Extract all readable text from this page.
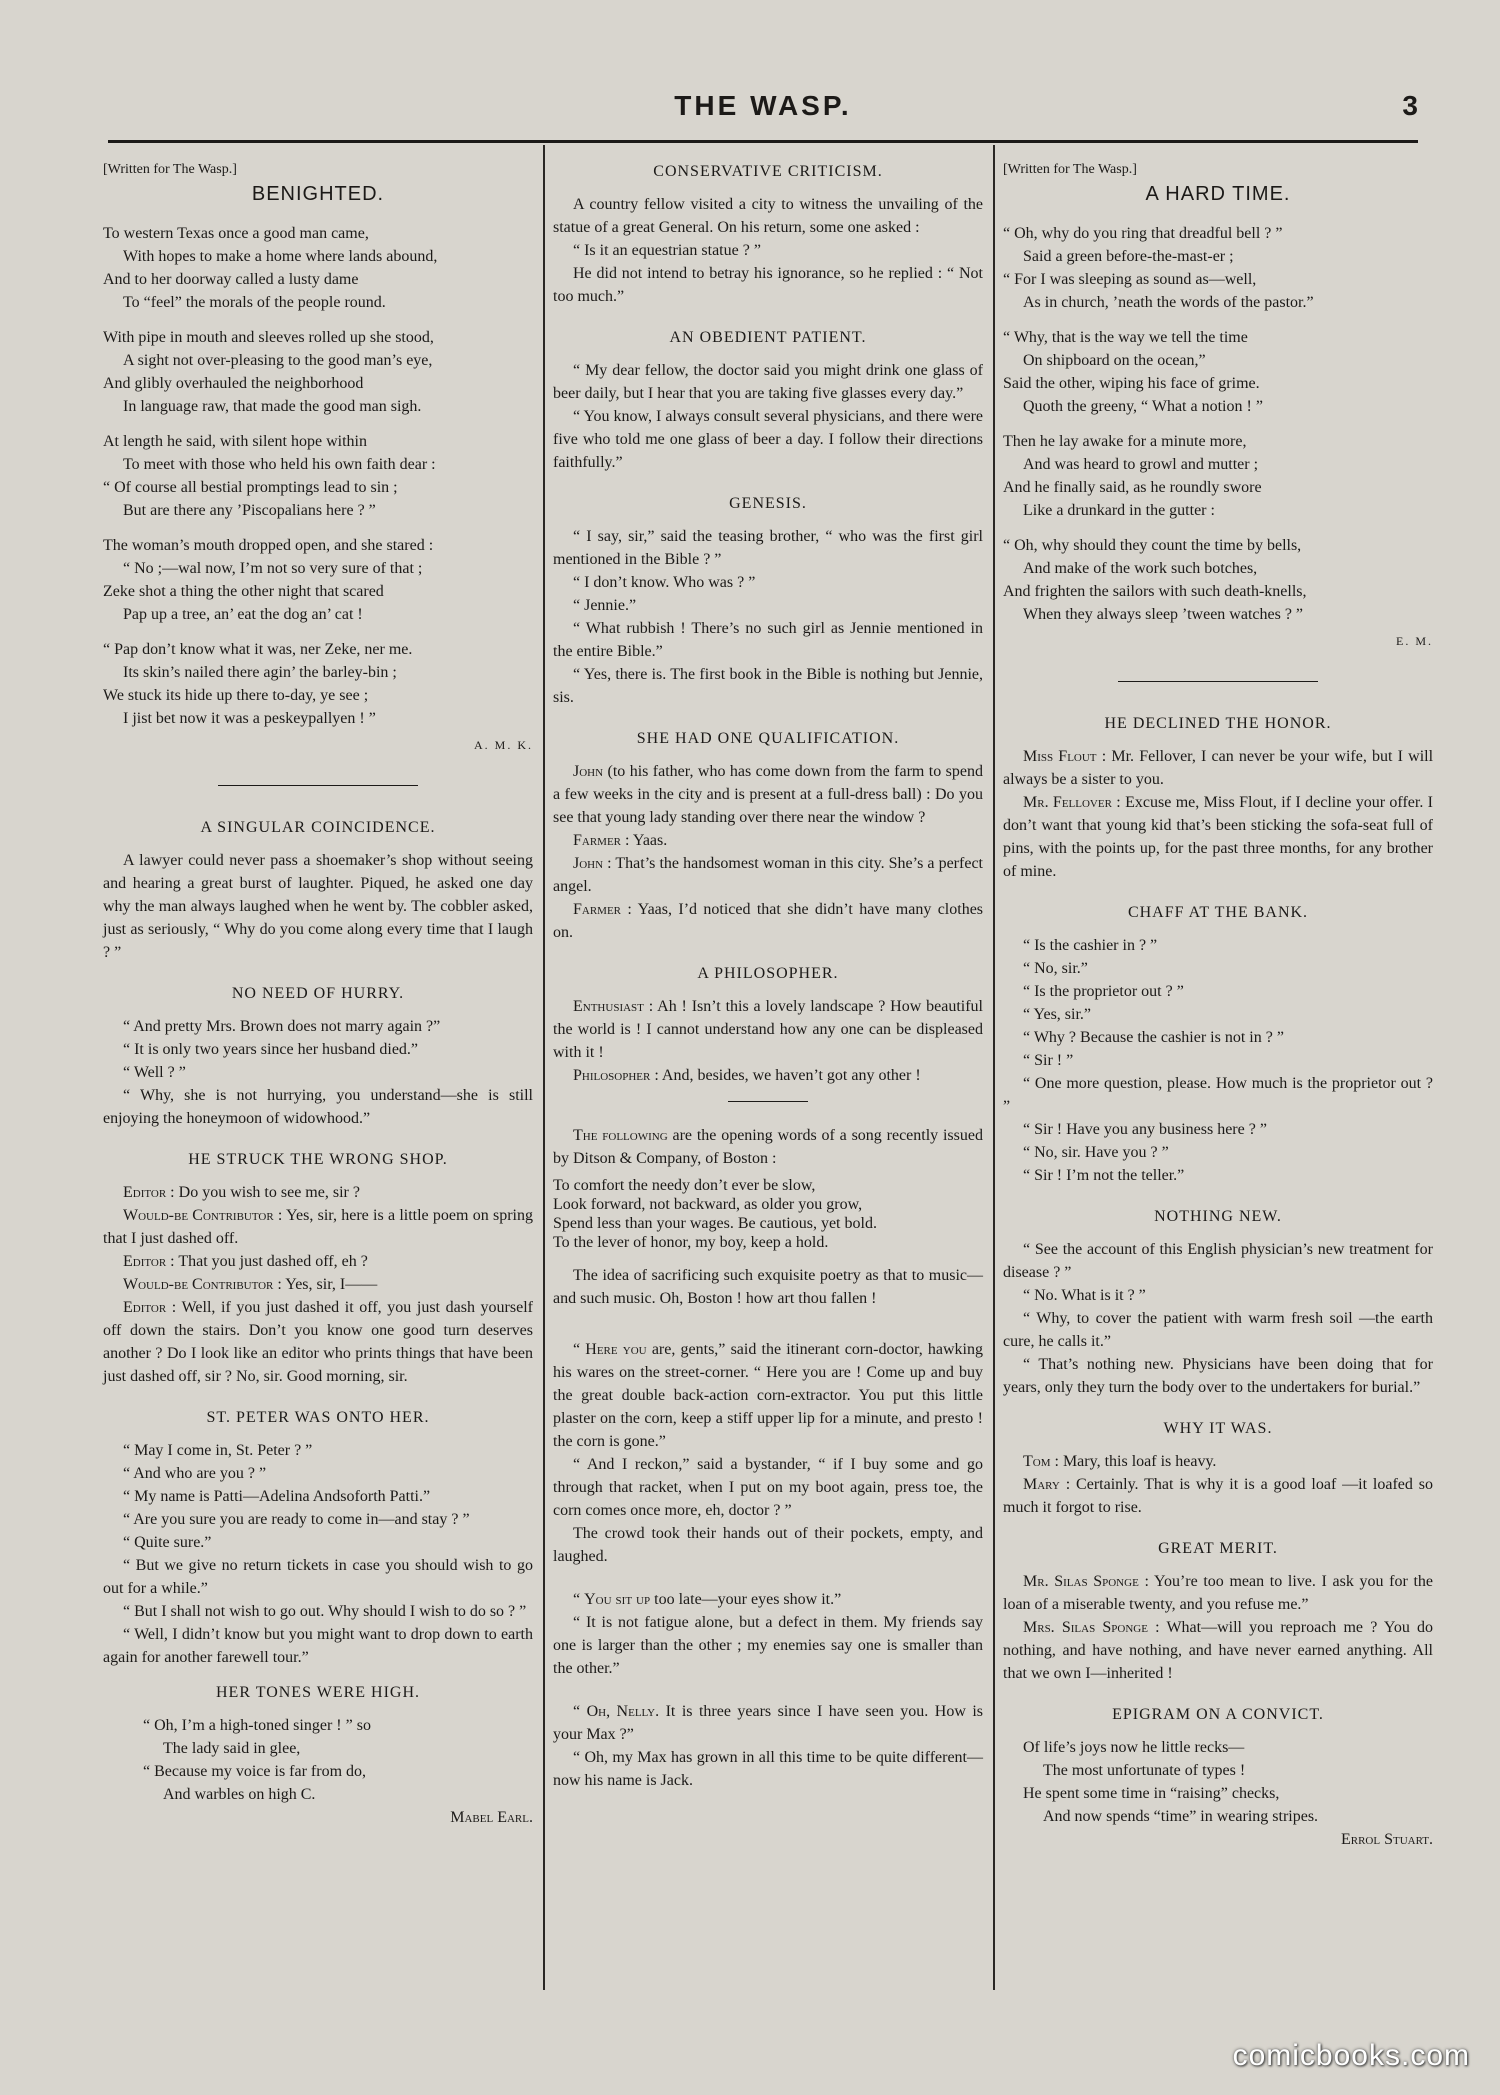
THE WASP.	3

[Written for The Wasp.]

BENIGHTED.
To western Texas once a good man came,
With hopes to make a home where lands abound,
And to her doorway called a lusty dame
To “feel” the morals of the people round.
With pipe in mouth and sleeves rolled up she stood,
A sight not over-pleasing to the good man’s eye,
And glibly overhauled the neighborhood
In language raw, that made the good man sigh.
At length he said, with silent hope within
To meet with those who held his own faith dear :
“ Of course all bestial promptings lead to sin ;
But are there any ’Piscopalians here ? ”
The woman’s mouth dropped open, and she stared :
“ No ;—wal now, I’m not so very sure of that ;
Zeke shot a thing the other night that scared
Pap up a tree, an’ eat the dog an’ cat !
“ Pap don’t know what it was, ner Zeke, ner me.
Its skin’s nailed there agin’ the barley-bin ;
We stuck its hide up there to-day, ye see ;
I jist bet now it was a peskeypallyen ! ”
A. M. K.
A SINGULAR COINCIDENCE.

A lawyer could never pass a shoemaker’s shop without seeing and hearing a great burst of laughter. Piqued, he asked one day why the man always laughed when he went by. The cobbler asked, just as seriously, “ Why do you come along every time that I laugh ? ”

NO NEED OF HURRY.

“ And pretty Mrs. Brown does not marry again ?”

“ It is only two years since her husband died.”

“ Well ? ”

“ Why, she is not hurrying, you understand—she is still enjoying the honeymoon of widowhood.”

HE STRUCK THE WRONG SHOP.

Editor : Do you wish to see me, sir ?

Would-be Contributor : Yes, sir, here is a little poem on spring that I just dashed off.

Editor : That you just dashed off, eh ?

Would-be Contributor : Yes, sir, I——

Editor : Well, if you just dashed it off, you just dash yourself off down the stairs. Don’t you know one good turn deserves another ? Do I look like an editor who prints things that have been just dashed off, sir ? No, sir. Good morning, sir.

ST. PETER WAS ONTO HER.

“ May I come in, St. Peter ? ”

“ And who are you ? ”

“ My name is Patti—Adelina Andsoforth Patti.”

“ Are you sure you are ready to come in—and stay ? ”

“ Quite sure.”

“ But we give no return tickets in case you should wish to go out for a while.”

“ But I shall not wish to go out. Why should I wish to do so ? ”

“ Well, I didn’t know but you might want to drop down to earth again for another farewell tour.”

HER TONES WERE HIGH.
“ Oh, I’m a high-toned singer ! ” so
The lady said in glee,
“ Because my voice is far from do,
And warbles on high C.
Mabel Earl.
CONSERVATIVE CRITICISM.

A country fellow visited a city to witness the unvailing of the statue of a great General. On his return, some one asked :

“ Is it an equestrian statue ? ”

He did not intend to betray his ignorance, so he replied : “ Not too much.”

AN OBEDIENT PATIENT.

“ My dear fellow, the doctor said you might drink one glass of beer daily, but I hear that you are taking five glasses every day.”

“ You know, I always consult several physicians, and there were five who told me one glass of beer a day. I follow their directions faithfully.”

GENESIS.

“ I say, sir,” said the teasing brother, “ who was the first girl mentioned in the Bible ? ”

“ I don’t know. Who was ? ”

“ Jennie.”

“ What rubbish ! There’s no such girl as Jennie mentioned in the entire Bible.”

“ Yes, there is. The first book in the Bible is nothing but Jennie, sis.

SHE HAD ONE QUALIFICATION.

John (to his father, who has come down from the farm to spend a few weeks in the city and is present at a full-dress ball) : Do you see that young lady standing over there near the window ?

Farmer : Yaas.

John : That’s the handsomest woman in this city. She’s a perfect angel.

Farmer : Yaas, I’d noticed that she didn’t have many clothes on.

A PHILOSOPHER.

Enthusiast : Ah ! Isn’t this a lovely landscape ? How beautiful the world is ! I cannot understand how any one can be displeased with it !

Philosopher : And, besides, we haven’t got any other !

The following are the opening words of a song recently issued by Ditson & Company, of Boston :

To comfort the needy don’t ever be slow,
Look forward, not backward, as older you grow,
Spend less than your wages. Be cautious, yet bold.
To the lever of honor, my boy, keep a hold.

The idea of sacrificing such exquisite poetry as that to music—and such music. Oh, Boston ! how art thou fallen !

“ Here you are, gents,” said the itinerant corn-doctor, hawking his wares on the street-corner. “ Here you are ! Come up and buy the great double back-action corn-extractor. You put this little plaster on the corn, keep a stiff upper lip for a minute, and presto ! the corn is gone.”

“ And I reckon,” said a bystander, “ if I buy some and go through that racket, when I put on my boot again, press toe, the corn comes once more, eh, doctor ? ”

The crowd took their hands out of their pockets, empty, and laughed.

“ You sit up too late—your eyes show it.”

“ It is not fatigue alone, but a defect in them. My friends say one is larger than the other ; my enemies say one is smaller than the other.”

“ Oh, Nelly. It is three years since I have seen you. How is your Max ?”

“ Oh, my Max has grown in all this time to be quite different—now his name is Jack.

[Written for The Wasp.]

A HARD TIME.
“ Oh, why do you ring that dreadful bell ? ”
Said a green before-the-mast-er ;
“ For I was sleeping as sound as—well,
As in church, ’neath the words of the pastor.”
“ Why, that is the way we tell the time
On shipboard on the ocean,”
Said the other, wiping his face of grime.
Quoth the greeny, “ What a notion ! ”
Then he lay awake for a minute more,
And was heard to growl and mutter ;
And he finally said, as he roundly swore
Like a drunkard in the gutter :
“ Oh, why should they count the time by bells,
And make of the work such botches,
And frighten the sailors with such death-knells,
When they always sleep ’tween watches ? ”
E. M.
HE DECLINED THE HONOR.

Miss Flout : Mr. Fellover, I can never be your wife, but I will always be a sister to you.

Mr. Fellover : Excuse me, Miss Flout, if I decline your offer. I don’t want that young kid that’s been sticking the sofa-seat full of pins, with the points up, for the past three months, for any brother of mine.

CHAFF AT THE BANK.

“ Is the cashier in ? ”

“ No, sir.”

“ Is the proprietor out ? ”

“ Yes, sir.”

“ Why ? Because the cashier is not in ? ”

“ Sir ! ”

“ One more question, please. How much is the proprietor out ? ”

“ Sir ! Have you any business here ? ”

“ No, sir. Have you ? ”

“ Sir ! I’m not the teller.”

NOTHING NEW.

“ See the account of this English physician’s new treatment for disease ? ”

“ No. What is it ? ”

“ Why, to cover the patient with warm fresh soil —the earth cure, he calls it.”

“ That’s nothing new. Physicians have been doing that for years, only they turn the body over to the undertakers for burial.”

WHY IT WAS.

Tom : Mary, this loaf is heavy.

Mary : Certainly. That is why it is a good loaf —it loafed so much it forgot to rise.

GREAT MERIT.

Mr. Silas Sponge : You’re too mean to live. I ask you for the loan of a miserable twenty, and you refuse me.”

Mrs. Silas Sponge : What—will you reproach me ? You do nothing, and have nothing, and have never earned anything. All that we own I—inherited !

EPIGRAM ON A CONVICT.
Of life’s joys now he little recks—
The most unfortunate of types !
He spent some time in “raising” checks,
And now spends “time” in wearing stripes.
Errol Stuart.
comicbooks.com
